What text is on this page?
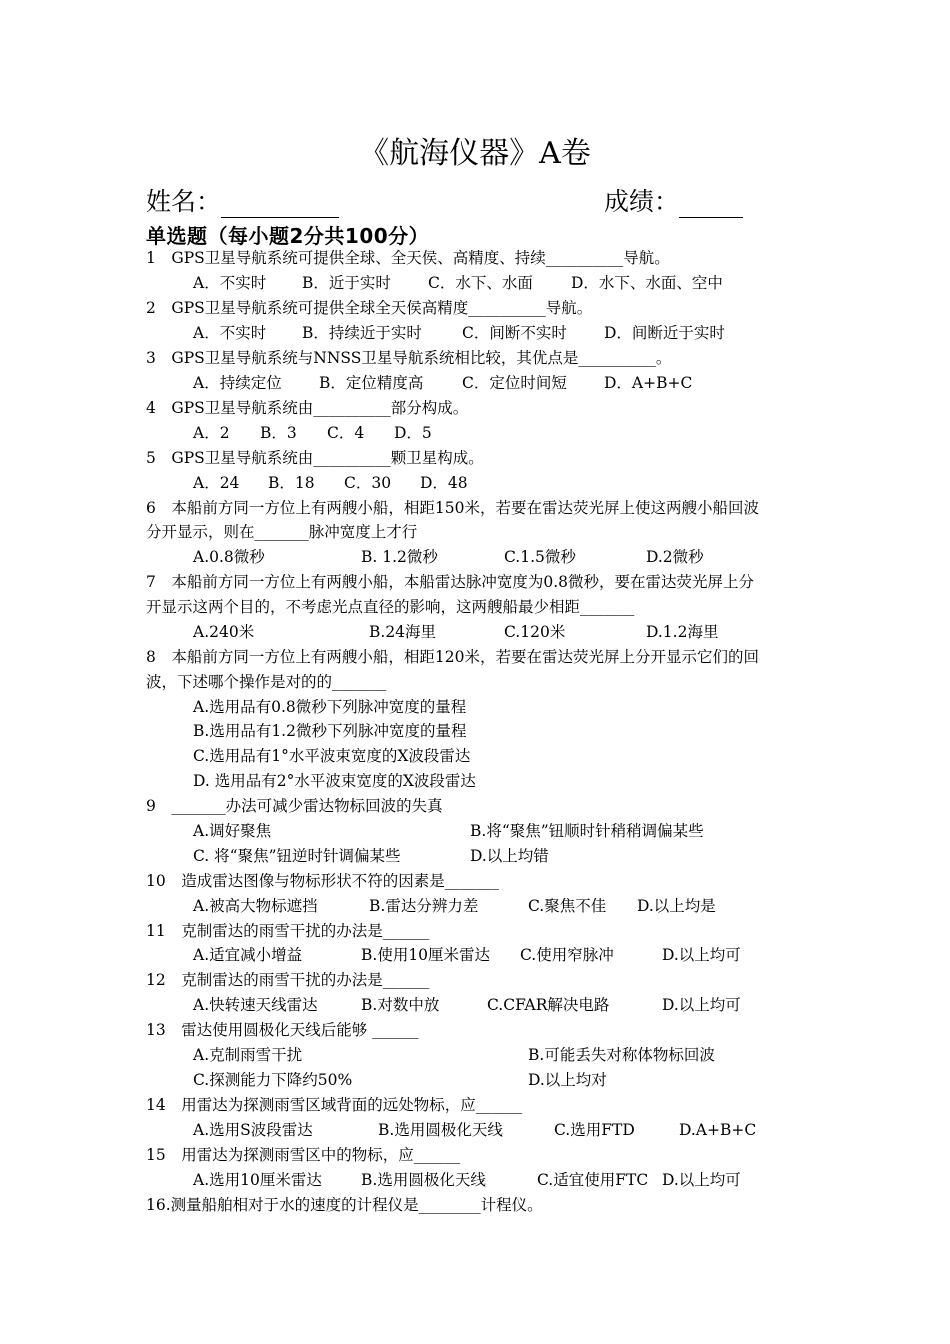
《航海仪器》A卷
姓名：	成绩：
单选题（每小题2分共100分）
1　GPS卫星导航系统可提供全球、全天侯、高精度、持续__________导航。
A．不实时 B．近于实时 C．水下、水面 D．水下、水面、空中
2　GPS卫星导航系统可提供全球全天侯高精度__________导航。
A．不实时 B．持续近于实时	C．间断不实时 D．间断近于实时
3　GPS卫星导航系统与NNSS卫星导航系统相比较，其优点是__________。
A．持续定位 B．定位精度高 C．定位时间短 D．A+B+C
4　GPS卫星导航系统由__________部分构成。
A．2 B．3 C．4 D．5
5　GPS卫星导航系统由__________颗卫星构成。
A．24 B．18 C．30 D．48
6　本船前方同一方位上有两艘小船，相距150米，若要在雷达荧光屏上使这两艘小船回波
分开显示，则在_______脉冲宽度上才行
A.0.8微秒	B. 1.2微秒	C.1.5微秒	D.2微秒
7　本船前方同一方位上有两艘小船，本船雷达脉冲宽度为0.8微秒，要在雷达荧光屏上分
开显示这两个目的，不考虑光点直径的影响，这两艘船最少相距_______
A.240米	B.24海里	C.120米	D.1.2海里
8　本船前方同一方位上有两艘小船，相距120米，若要在雷达荧光屏上分开显示它们的回
波，下述哪个操作是对的的_______
A.选用品有0.8微秒下列脉冲宽度的量程
B.选用品有1.2微秒下列脉冲宽度的量程
C.选用品有1°水平波束宽度的X波段雷达
D. 选用品有2°水平波束宽度的X波段雷达
9　_______办法可减少雷达物标回波的失真
A.调好聚焦	B.将“聚焦”钮顺时针稍稍调偏某些
C. 将“聚焦”钮逆时针调偏某些	D.以上均错
10　造成雷达图像与物标形状不符的因素是_______
A.被高大物标遮挡	B.雷达分辨力差	C.聚焦不佳 D.以上均是
11　克制雷达的雨雪干扰的办法是______
A.适宜减小增益	B.使用10厘米雷达 C.使用窄脉冲	D.以上均可
12　克制雷达的雨雪干扰的办法是______
A.快转速天线雷达	B.对数中放	C.CFAR解决电路	D.以上均可
13　雷达使用圆极化天线后能够 ______
A.克制雨雪干扰	B.可能丢失对称体物标回波
C.探测能力下降约50%	D.以上均对
14　用雷达为探测雨雪区域背面的远处物标，应______
A.选用S波段雷达	B.选用圆极化天线	C.选用FTD	D.A+B+C
15　用雷达为探测雨雪区中的物标，应______
A.选用10厘米雷达	B.选用圆极化天线	C.适宜使用FTC D.以上均可
16.测量船舶相对于水的速度的计程仪是________计程仪。
